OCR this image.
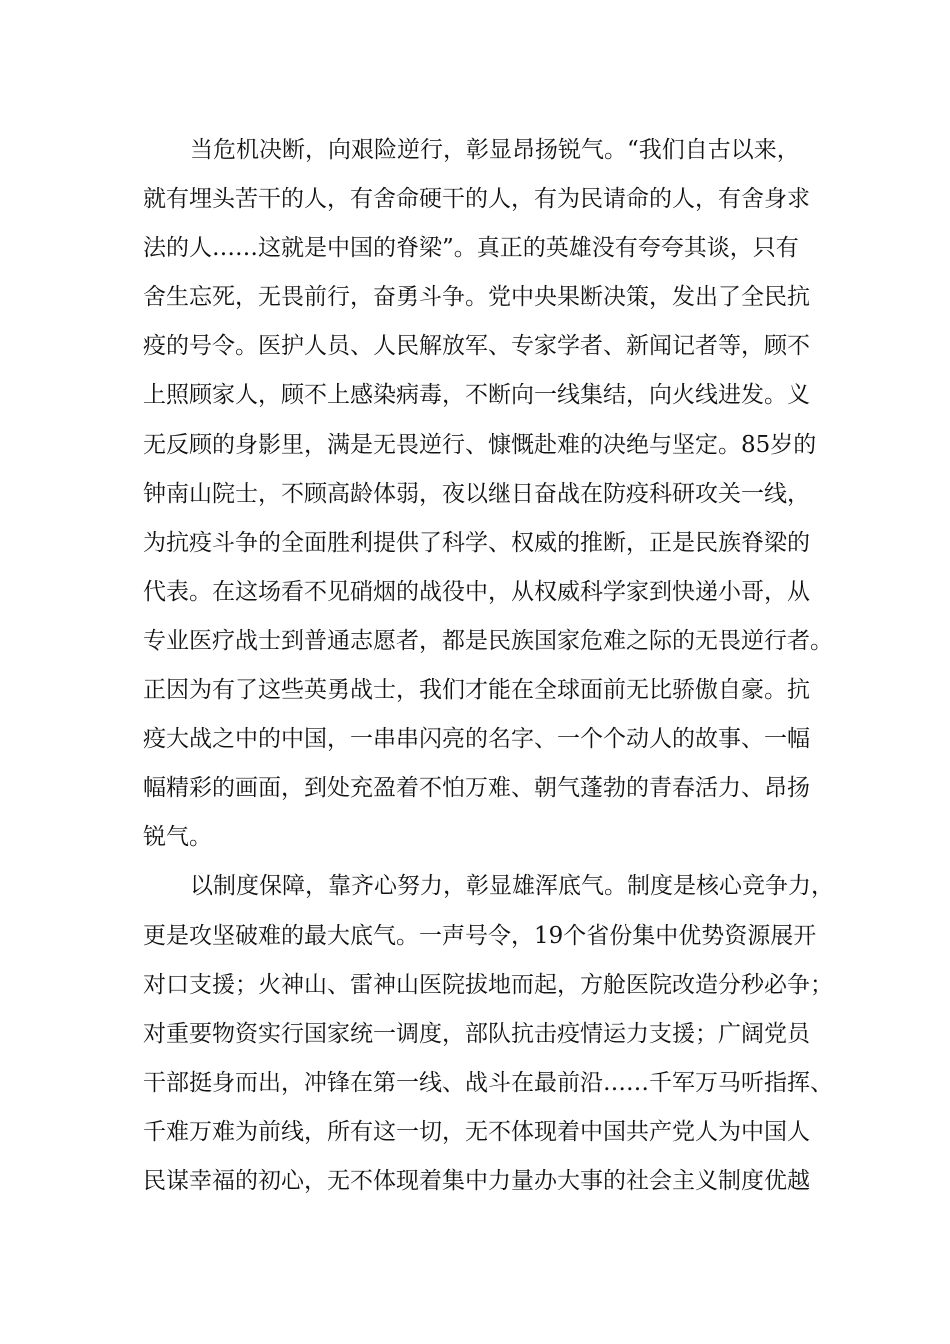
当危机决断，向艰险逆行，彰显昂扬锐气。“我们自古以来，
就有埋头苦干的人，有舍命硬干的人，有为民请命的人，有舍身求
法的人……这就是中国的脊梁”。真正的英雄没有夸夸其谈，只有
舍生忘死，无畏前行，奋勇斗争。党中央果断决策，发出了全民抗
疫的号令。医护人员、人民解放军、专家学者、新闻记者等，顾不
上照顾家人，顾不上感染病毒，不断向一线集结，向火线进发。义
无反顾的身影里，满是无畏逆行、慷慨赴难的决绝与坚定。85岁的
钟南山院士，不顾高龄体弱，夜以继日奋战在防疫科研攻关一线，
为抗疫斗争的全面胜利提供了科学、权威的推断，正是民族脊梁的
代表。在这场看不见硝烟的战役中，从权威科学家到快递小哥，从
专业医疗战士到普通志愿者，都是民族国家危难之际的无畏逆行者。
正因为有了这些英勇战士，我们才能在全球面前无比骄傲自豪。抗
疫大战之中的中国，一串串闪亮的名字、一个个动人的故事、一幅
幅精彩的画面，到处充盈着不怕万难、朝气蓬勃的青春活力、昂扬
锐气。
以制度保障，靠齐心努力，彰显雄浑底气。制度是核心竞争力，
更是攻坚破难的最大底气。一声号令，19个省份集中优势资源展开
对口支援；火神山、雷神山医院拔地而起，方舱医院改造分秒必争；
对重要物资实行国家统一调度，部队抗击疫情运力支援；广阔党员
干部挺身而出，冲锋在第一线、战斗在最前沿……千军万马听指挥、
千难万难为前线，所有这一切，无不体现着中国共产党人为中国人
民谋幸福的初心，无不体现着集中力量办大事的社会主义制度优越
